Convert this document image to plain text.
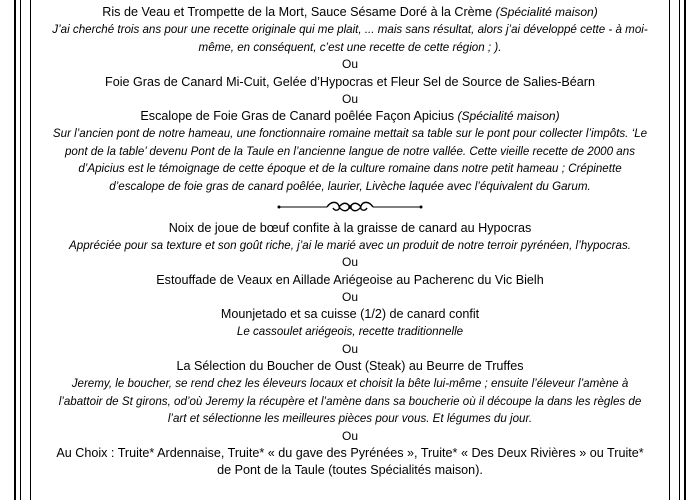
Ris de Veau et Trompette de la Mort, Sauce Sésame Doré à la Crème (Spécialité maison)
J’ai cherché trois ans pour une recette originale qui me plait, ... mais sans résultat, alors j’ai développé cette - à moi-même, en conséquent, c’est une recette de cette région ; ).
Ou
Foie Gras de Canard Mi-Cuit, Gelée d’Hypocras et Fleur Sel de Source de Salies-Béarn
Ou
Escalope de Foie Gras de Canard poêlée Façon Apicius (Spécialité maison)
Sur l’ancien pont de notre hameau, une fonctionnaire romaine mettait sa table sur le pont pour collecter l’impôts. ‘Le pont de la table’ devenu Pont de la Taule en l’ancienne langue de notre vallée. Cette vieille recette de 2000 ans d’Apicius est le témoignage de cette époque et de la culture romaine dans notre petit hameau ; Crépinette d’escalope de foie gras de canard poêlée, laurier, Livèche laquée avec l’équivalent du Garum.
Noix de joue de bœuf confite à la graisse de canard au Hypocras
Appréciée pour sa texture et son goût riche, j’ai le marié avec un produit de notre terroir pyrénéen, l’hypocras.
Ou
Estouffade de Veaux en Aillade Ariégeoise au Pacherenc du Vic Bielh
Ou
Mounjetado et sa cuisse (1/2) de canard confit
Le cassoulet ariégeois, recette traditionnelle
Ou
La Sélection du Boucher de Oust (Steak) au Beurre de Truffes
Jeremy, le boucher, se rend chez les éleveurs locaux et choisit la bête lui-même ; ensuite l’éleveur l’amène à l’abattoir de St girons, od’où Jeremy la récupère et l’amène dans sa boucherie où il découpe la dans les règles de l’art et sélectionne les meilleures pièces pour vous. Et légumes du jour.
Ou
Au Choix : Truite* Ardennaise, Truite* « du gave des Pyrénées », Truite* « Des Deux Rivières » ou Truite* de Pont de la Taule (toutes Spécialités maison).
